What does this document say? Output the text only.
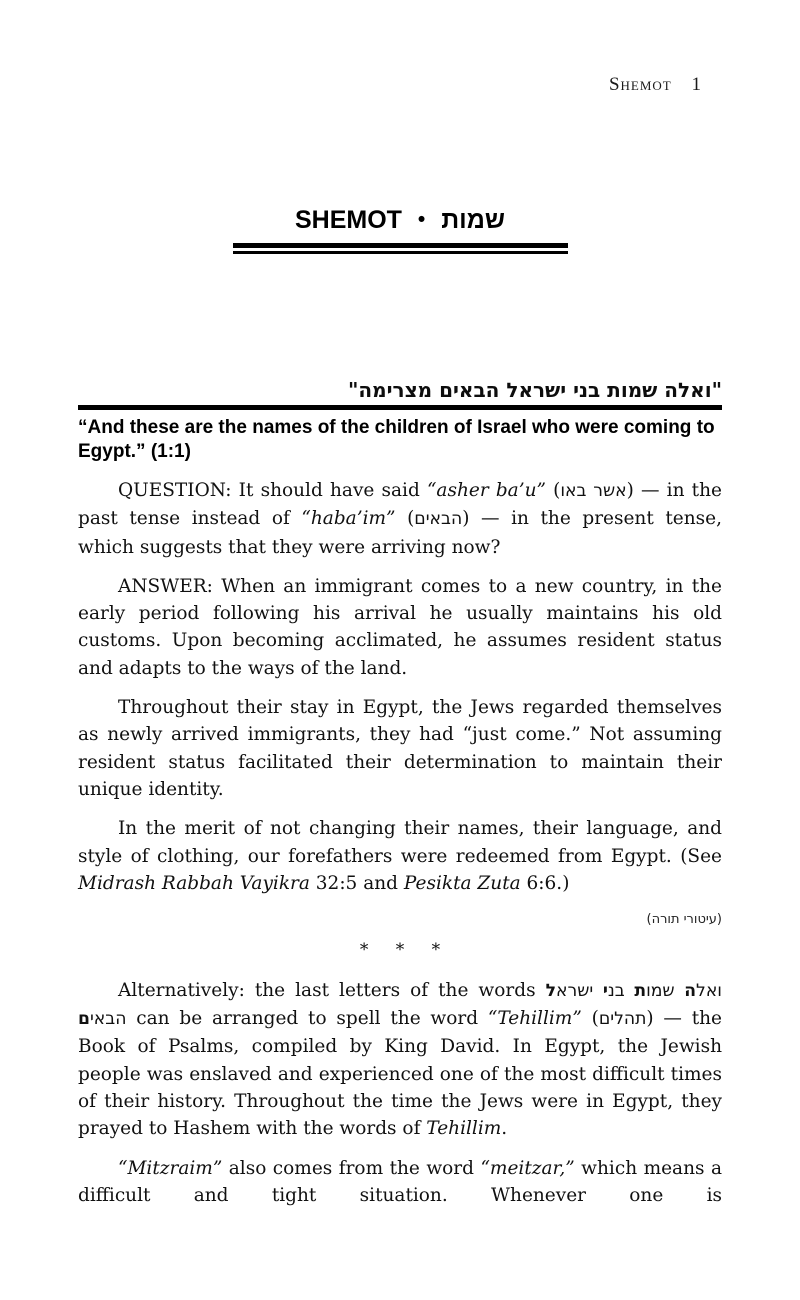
Shemot 1
SHEMOT • שמות
"ואלה שמות בני ישראל הבאים מצרימה"
“And these are the names of the children of Israel who were coming to Egypt.” (1:1)

QUESTION: It should have said “asher ba’u” (אשר באו) — in the past tense instead of “haba’im” (הבאים) — in the present tense, which suggests that they were arriving now?

ANSWER: When an immigrant comes to a new country, in the early period following his arrival he usually maintains his old customs. Upon becoming acclimated, he assumes resident status and adapts to the ways of the land.

Throughout their stay in Egypt, the Jews regarded themselves as newly arrived immigrants, they had “just come.” Not assuming resident status facilitated their determination to maintain their unique identity.

In the merit of not changing their names, their language, and style of clothing, our forefathers were redeemed from Egypt. (See Midrash Rabbah Vayikra 32:5 and Pesikta Zuta 6:6.)

(עיטורי תורה)
* * *

Alternatively: the last letters of the words	ואלה שמות בני ישראל הבאים can be arranged to spell the word “Tehillim” (תהלים) — the Book of Psalms, compiled by King David. In Egypt, the Jewish people was enslaved and experienced one of the most difficult times of their history. Throughout the time the Jews were in Egypt, they prayed to Hashem with the words of Tehillim.

“Mitzraim” also comes from the word “meitzar,” which means a difficult and tight situation. Whenever one is
